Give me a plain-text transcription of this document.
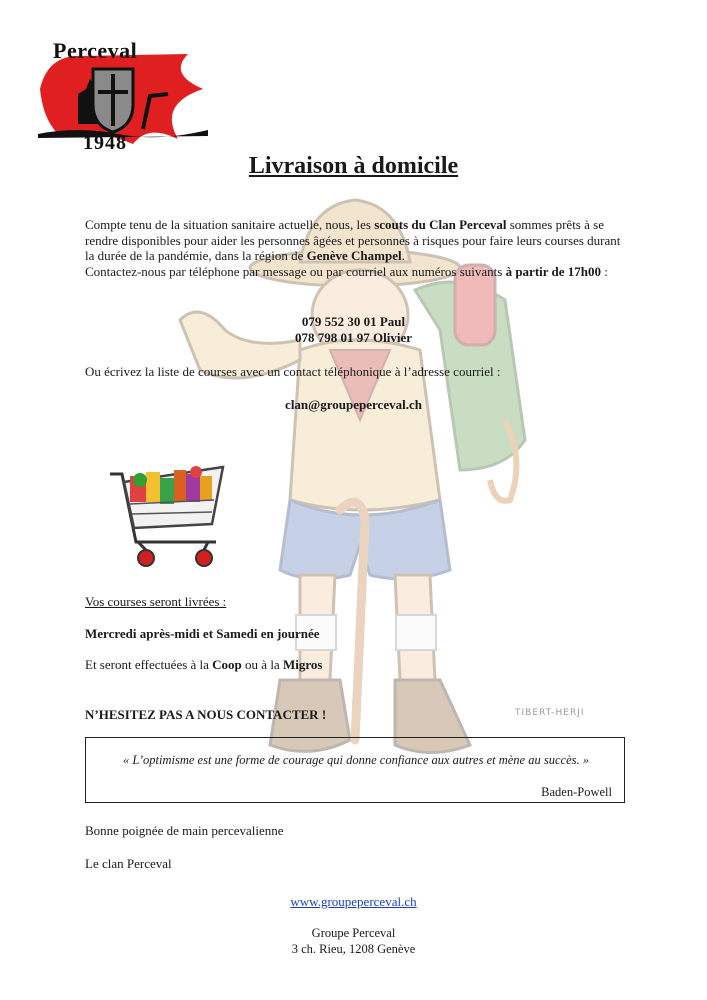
Perceval
1948
Livraison à domicile
Compte tenu de la situation sanitaire actuelle, nous, les scouts du Clan Perceval sommes prêts à se rendre disponibles pour aider les personnes âgées et personnes à risques pour faire leurs courses durant la durée de la pandémie, dans la région de Genève Champel.
Contactez-nous par téléphone par message ou par courriel aux numéros suivants à partir de 17h00 :
079 552 30 01 Paul
078 798 01 97 Olivier
Ou écrivez la liste de courses avec un contact téléphonique à l’adresse courriel :
clan@groupeperceval.ch
Vos courses seront livrées :
Mercredi après-midi et Samedi en journée
Et seront effectuées à la Coop ou à la Migros
TIBERT-HERJI
N’HESITEZ PAS A NOUS CONTACTER !
« L’optimisme est une forme de courage qui donne confiance aux autres et mène au succès. »
Baden-Powell
Bonne poignée de main percevalienne
Le clan Perceval
www.groupeperceval.ch
Groupe Perceval
3 ch. Rieu, 1208 Genève
